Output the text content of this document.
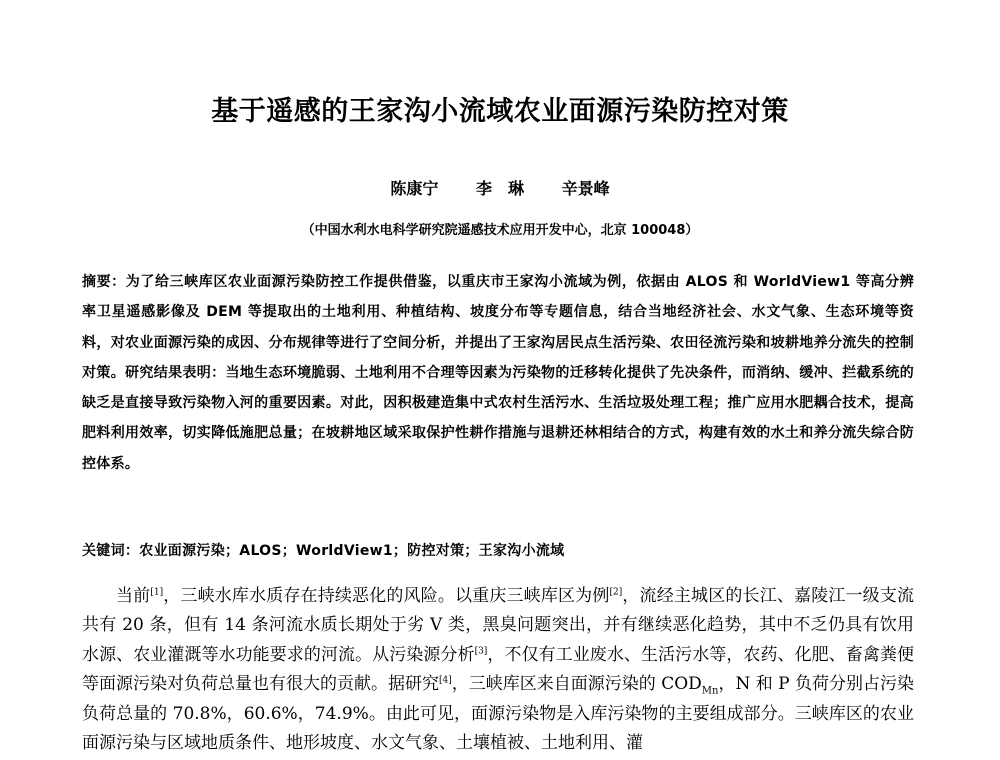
基于遥感的王家沟小流域农业面源污染防控对策
陈康宁 李　琳 辛景峰
（中国水利水电科学研究院遥感技术应用开发中心，北京 100048）
摘要：为了给三峡库区农业面源污染防控工作提供借鉴，以重庆市王家沟小流域为例，依据由 ALOS 和 WorldView1 等高分辨率卫星遥感影像及 DEM 等提取出的土地利用、种植结构、坡度分布等专题信息，结合当地经济社会、水文气象、生态环境等资料，对农业面源污染的成因、分布规律等进行了空间分析，并提出了王家沟居民点生活污染、农田径流污染和坡耕地养分流失的控制对策。研究结果表明：当地生态环境脆弱、土地利用不合理等因素为污染物的迁移转化提供了先决条件，而消纳、缓冲、拦截系统的缺乏是直接导致污染物入河的重要因素。对此，因积极建造集中式农村生活污水、生活垃圾处理工程；推广应用水肥耦合技术，提高肥料利用效率，切实降低施肥总量；在坡耕地区域采取保护性耕作措施与退耕还林相结合的方式，构建有效的水土和养分流失综合防控体系。
关键词：农业面源污染；ALOS；WorldView1；防控对策；王家沟小流域
当前[1]，三峡水库水质存在持续恶化的风险。以重庆三峡库区为例[2]，流经主城区的长江、嘉陵江一级支流共有 20 条，但有 14 条河流水质长期处于劣 V 类，黑臭问题突出，并有继续恶化趋势，其中不乏仍具有饮用水源、农业灌溉等水功能要求的河流。从污染源分析[3]，不仅有工业废水、生活污水等，农药、化肥、畜禽粪便等面源污染对负荷总量也有很大的贡献。据研究[4]，三峡库区来自面源污染的 $COD_{Mn}$，N 和 P 负荷分别占污染负荷总量的 70.8%，60.6%，74.9%。由此可见，面源污染物是入库污染物的主要组成部分。三峡库区的农业面源污染与区域地质条件、地形坡度、水文气象、土壤植被、土地利用、灌
